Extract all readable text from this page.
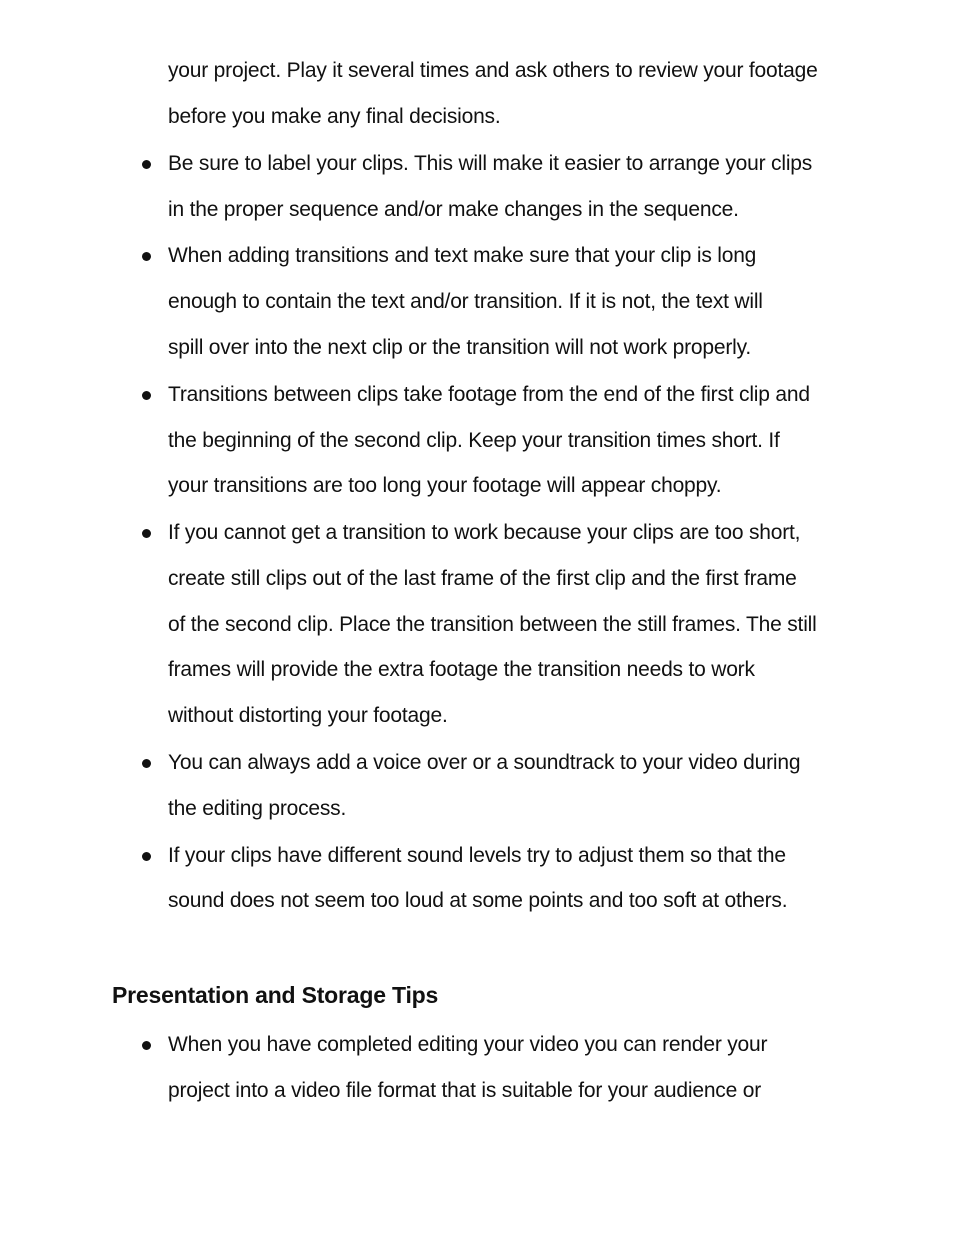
your project. Play it several times and ask others to review your footage
before you make any final decisions.
Be sure to label your clips. This will make it easier to arrange your clips
in the proper sequence and/or make changes in the sequence.
When adding transitions and text make sure that your clip is long
enough to contain the text and/or transition. If it is not, the text will
spill over into the next clip or the transition will not work properly.
Transitions between clips take footage from the end of the first clip and
the beginning of the second clip. Keep your transition times short. If
your transitions are too long your footage will appear choppy.
If you cannot get a transition to work because your clips are too short,
create still clips out of the last frame of the first clip and the first frame
of the second clip. Place the transition between the still frames. The still
frames will provide the extra footage the transition needs to work
without distorting your footage.
You can always add a voice over or a soundtrack to your video during
the editing process.
If your clips have different sound levels try to adjust them so that the
sound does not seem too loud at some points and too soft at others.
Presentation and Storage Tips
When you have completed editing your video you can render your
project into a video file format that is suitable for your audience or
